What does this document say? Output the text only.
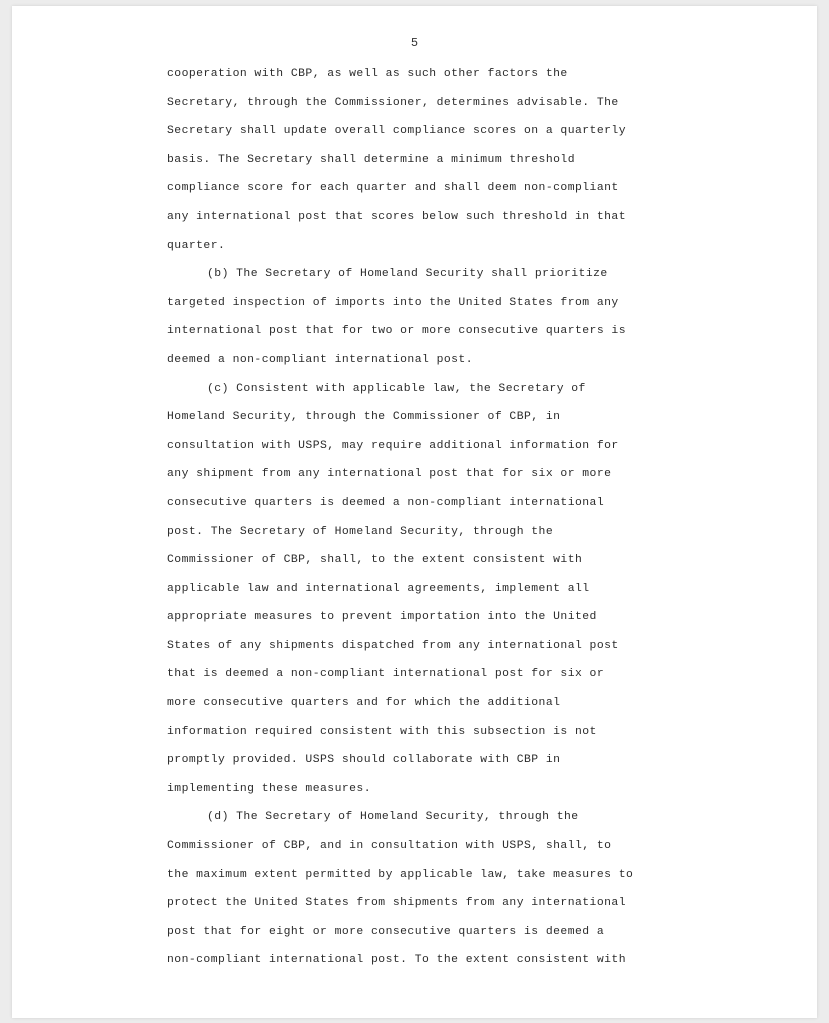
5
cooperation with CBP, as well as such other factors the
Secretary, through the Commissioner, determines advisable. The
Secretary shall update overall compliance scores on a quarterly
basis. The Secretary shall determine a minimum threshold
compliance score for each quarter and shall deem non-compliant
any international post that scores below such threshold in that
quarter.
(b) The Secretary of Homeland Security shall prioritize
targeted inspection of imports into the United States from any
international post that for two or more consecutive quarters is
deemed a non-compliant international post.
(c) Consistent with applicable law, the Secretary of
Homeland Security, through the Commissioner of CBP, in
consultation with USPS, may require additional information for
any shipment from any international post that for six or more
consecutive quarters is deemed a non-compliant international
post. The Secretary of Homeland Security, through the
Commissioner of CBP, shall, to the extent consistent with
applicable law and international agreements, implement all
appropriate measures to prevent importation into the United
States of any shipments dispatched from any international post
that is deemed a non-compliant international post for six or
more consecutive quarters and for which the additional
information required consistent with this subsection is not
promptly provided. USPS should collaborate with CBP in
implementing these measures.
(d) The Secretary of Homeland Security, through the
Commissioner of CBP, and in consultation with USPS, shall, to
the maximum extent permitted by applicable law, take measures to
protect the United States from shipments from any international
post that for eight or more consecutive quarters is deemed a
non-compliant international post. To the extent consistent with
